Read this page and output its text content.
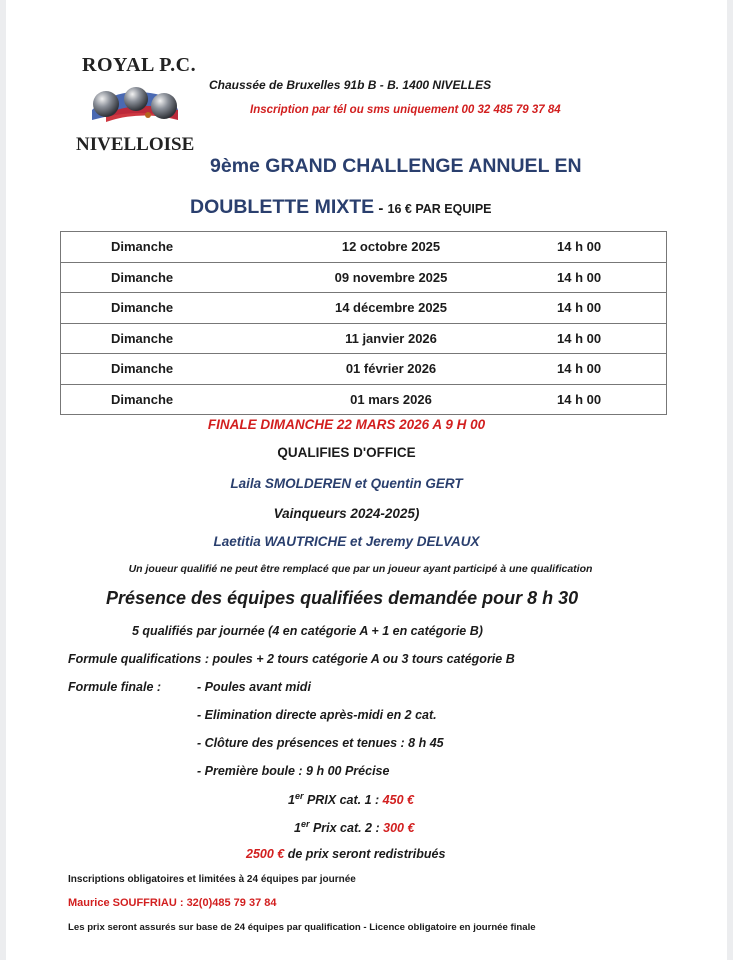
ROYAL P.C.
NIVELLOISE
Chaussée de Bruxelles 91b B - B. 1400 NIVELLES
Inscription par tél ou sms uniquement 00 32 485 79 37 84
9ème GRAND CHALLENGE ANNUEL EN
DOUBLETTE MIXTE - 16 € PAR EQUIPE
Dimanche	12 octobre 2025	14 h 00
Dimanche	09 novembre 2025	14 h 00
Dimanche	14 décembre 2025	14 h 00
Dimanche	11 janvier 2026	14 h 00
Dimanche	01 février 2026	14 h 00
Dimanche	01 mars 2026	14 h 00
FINALE DIMANCHE 22 MARS 2026 A 9 H 00
QUALIFIES D'OFFICE
Laila SMOLDEREN et Quentin GERT
Vainqueurs 2024-2025)
Laetitia WAUTRICHE et Jeremy DELVAUX
Un joueur qualifié ne peut être remplacé que par un joueur ayant participé à une qualification
Présence des équipes qualifiées demandée pour 8 h 30
5 qualifiés par journée (4 en catégorie A + 1 en catégorie B)
Formule qualifications : poules + 2 tours catégorie A ou 3 tours catégorie B
Formule finale :	- Poules avant midi
- Elimination directe après-midi en 2 cat.
- Clôture des présences et tenues : 8 h 45
- Première boule : 9 h 00 Précise
1er PRIX cat. 1 : 450 €
1er Prix cat. 2 : 300 €
2500 € de prix seront redistribués
Inscriptions obligatoires et limitées à 24 équipes par journée
Maurice SOUFFRIAU : 32(0)485 79 37 84
Les prix seront assurés sur base de 24 équipes par qualification - Licence obligatoire en journée finale
